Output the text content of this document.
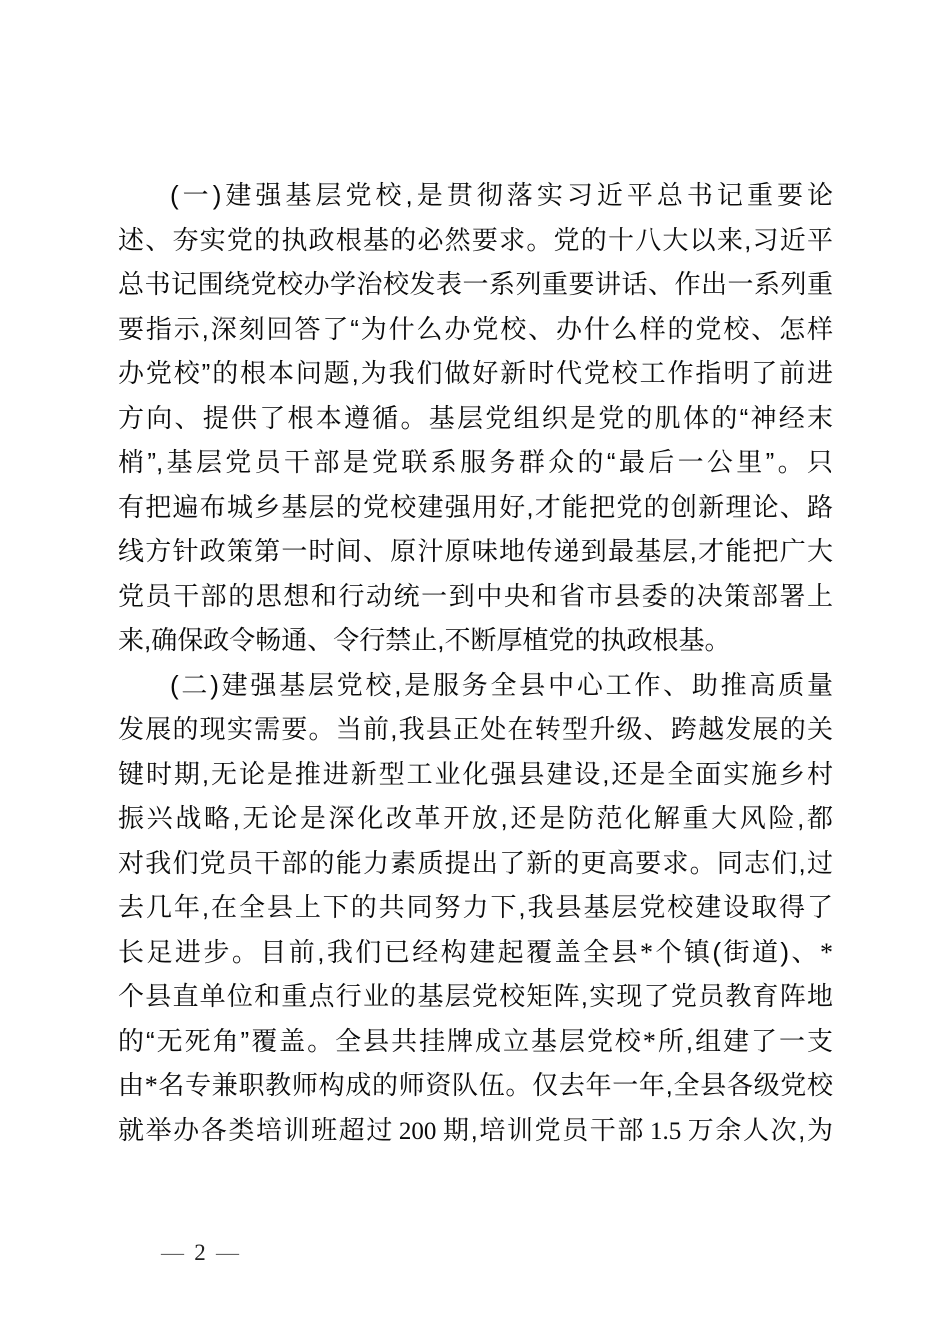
(一)建强基层党校,是贯彻落实习近平总书记重要论
述、夯实党的执政根基的必然要求。党的十八大以来,习近平
总书记围绕党校办学治校发表一系列重要讲话、作出一系列重
要指示,深刻回答了“为什么办党校、办什么样的党校、怎样
办党校”的根本问题,为我们做好新时代党校工作指明了前进
方向、提供了根本遵循。基层党组织是党的肌体的“神经末
梢”,基层党员干部是党联系服务群众的“最后一公里”。只
有把遍布城乡基层的党校建强用好,才能把党的创新理论、路
线方针政策第一时间、原汁原味地传递到最基层,才能把广大
党员干部的思想和行动统一到中央和省市县委的决策部署上
来,确保政令畅通、令行禁止,不断厚植党的执政根基。
(二)建强基层党校,是服务全县中心工作、助推高质量
发展的现实需要。当前,我县正处在转型升级、跨越发展的关
键时期,无论是推进新型工业化强县建设,还是全面实施乡村
振兴战略,无论是深化改革开放,还是防范化解重大风险,都
对我们党员干部的能力素质提出了新的更高要求。同志们,过
去几年,在全县上下的共同努力下,我县基层党校建设取得了
长足进步。目前,我们已经构建起覆盖全县*个镇(街道)、*
个县直单位和重点行业的基层党校矩阵,实现了党员教育阵地
的“无死角”覆盖。全县共挂牌成立基层党校*所,组建了一支
由*名专兼职教师构成的师资队伍。仅去年一年,全县各级党校
就举办各类培训班超过 200 期,培训党员干部 1.5 万余人次,为
— 2 —
